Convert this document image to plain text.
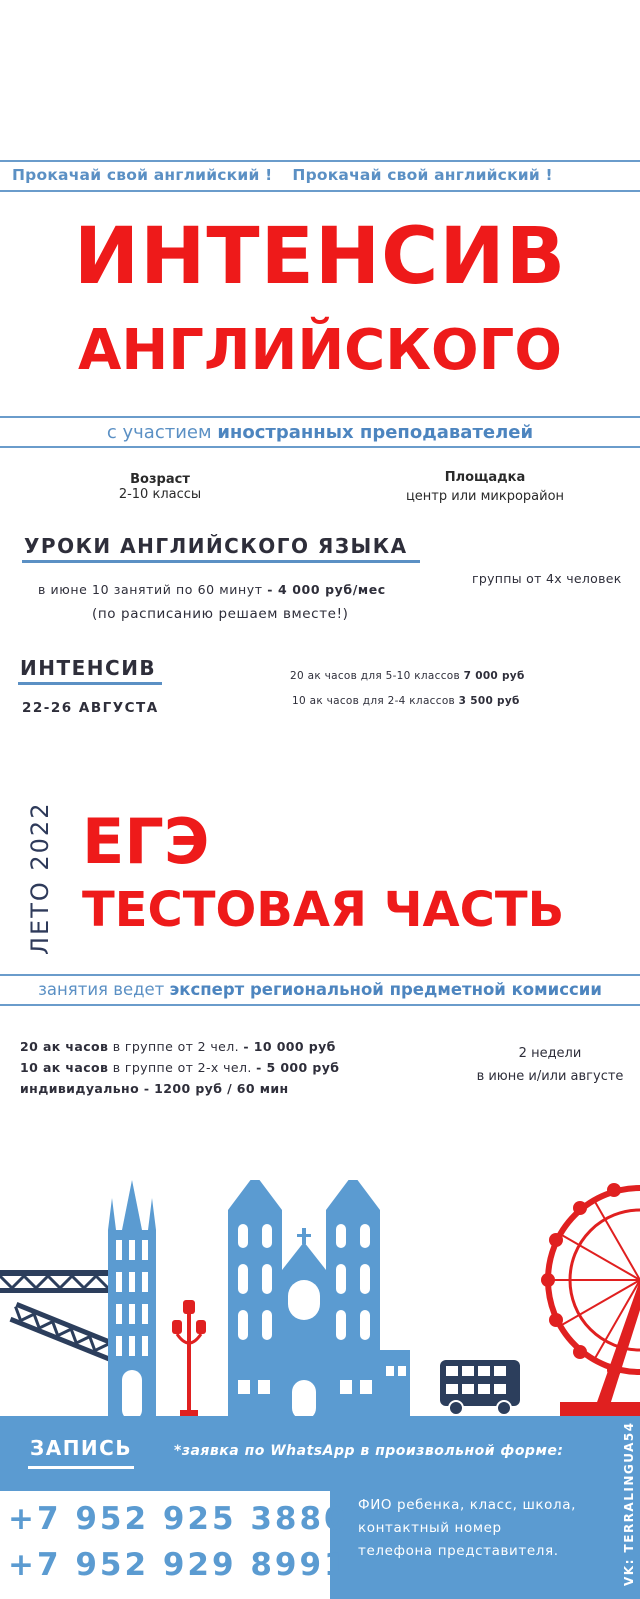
Прокачай свой английский ! Прокачай свой английский !
ИНТЕНСИВ
АНГЛИЙСКОГО
с участием иностранных преподавателей
Возраст
2-10 классы
Площадка
центр или микрорайон
УРОКИ АНГЛИЙСКОГО ЯЗЫКА
в июне 10 занятий по 60 минут - 4 000 руб/мес
(по расписанию решаем вместе!)
группы от 4х человек
ИНТЕНСИВ
22-26 АВГУСТА
20 ак часов для 5-10 классов 7 000 руб
10 ак часов для 2-4 классов 3 500 руб
ЛЕТО 2022 ЕГЭ
ТЕСТОВАЯ ЧАСТЬ
занятия ведет эксперт региональной предметной комиссии
20 ак часов в группе от 2 чел. - 10 000 руб
10 ак часов в группе от 2-х чел. - 5 000 руб
индивидуально - 1200 руб / 60 мин
2 недели
в июне и/или августе
ЗАПИСЬ	*заявка по WhatsApp в произвольной форме:
+7 952 925 3880
+7 952 929 8991
ФИО ребенка, класс, школа,
контактный номер
телефона представителя.	VK: TERRALINGUA54
